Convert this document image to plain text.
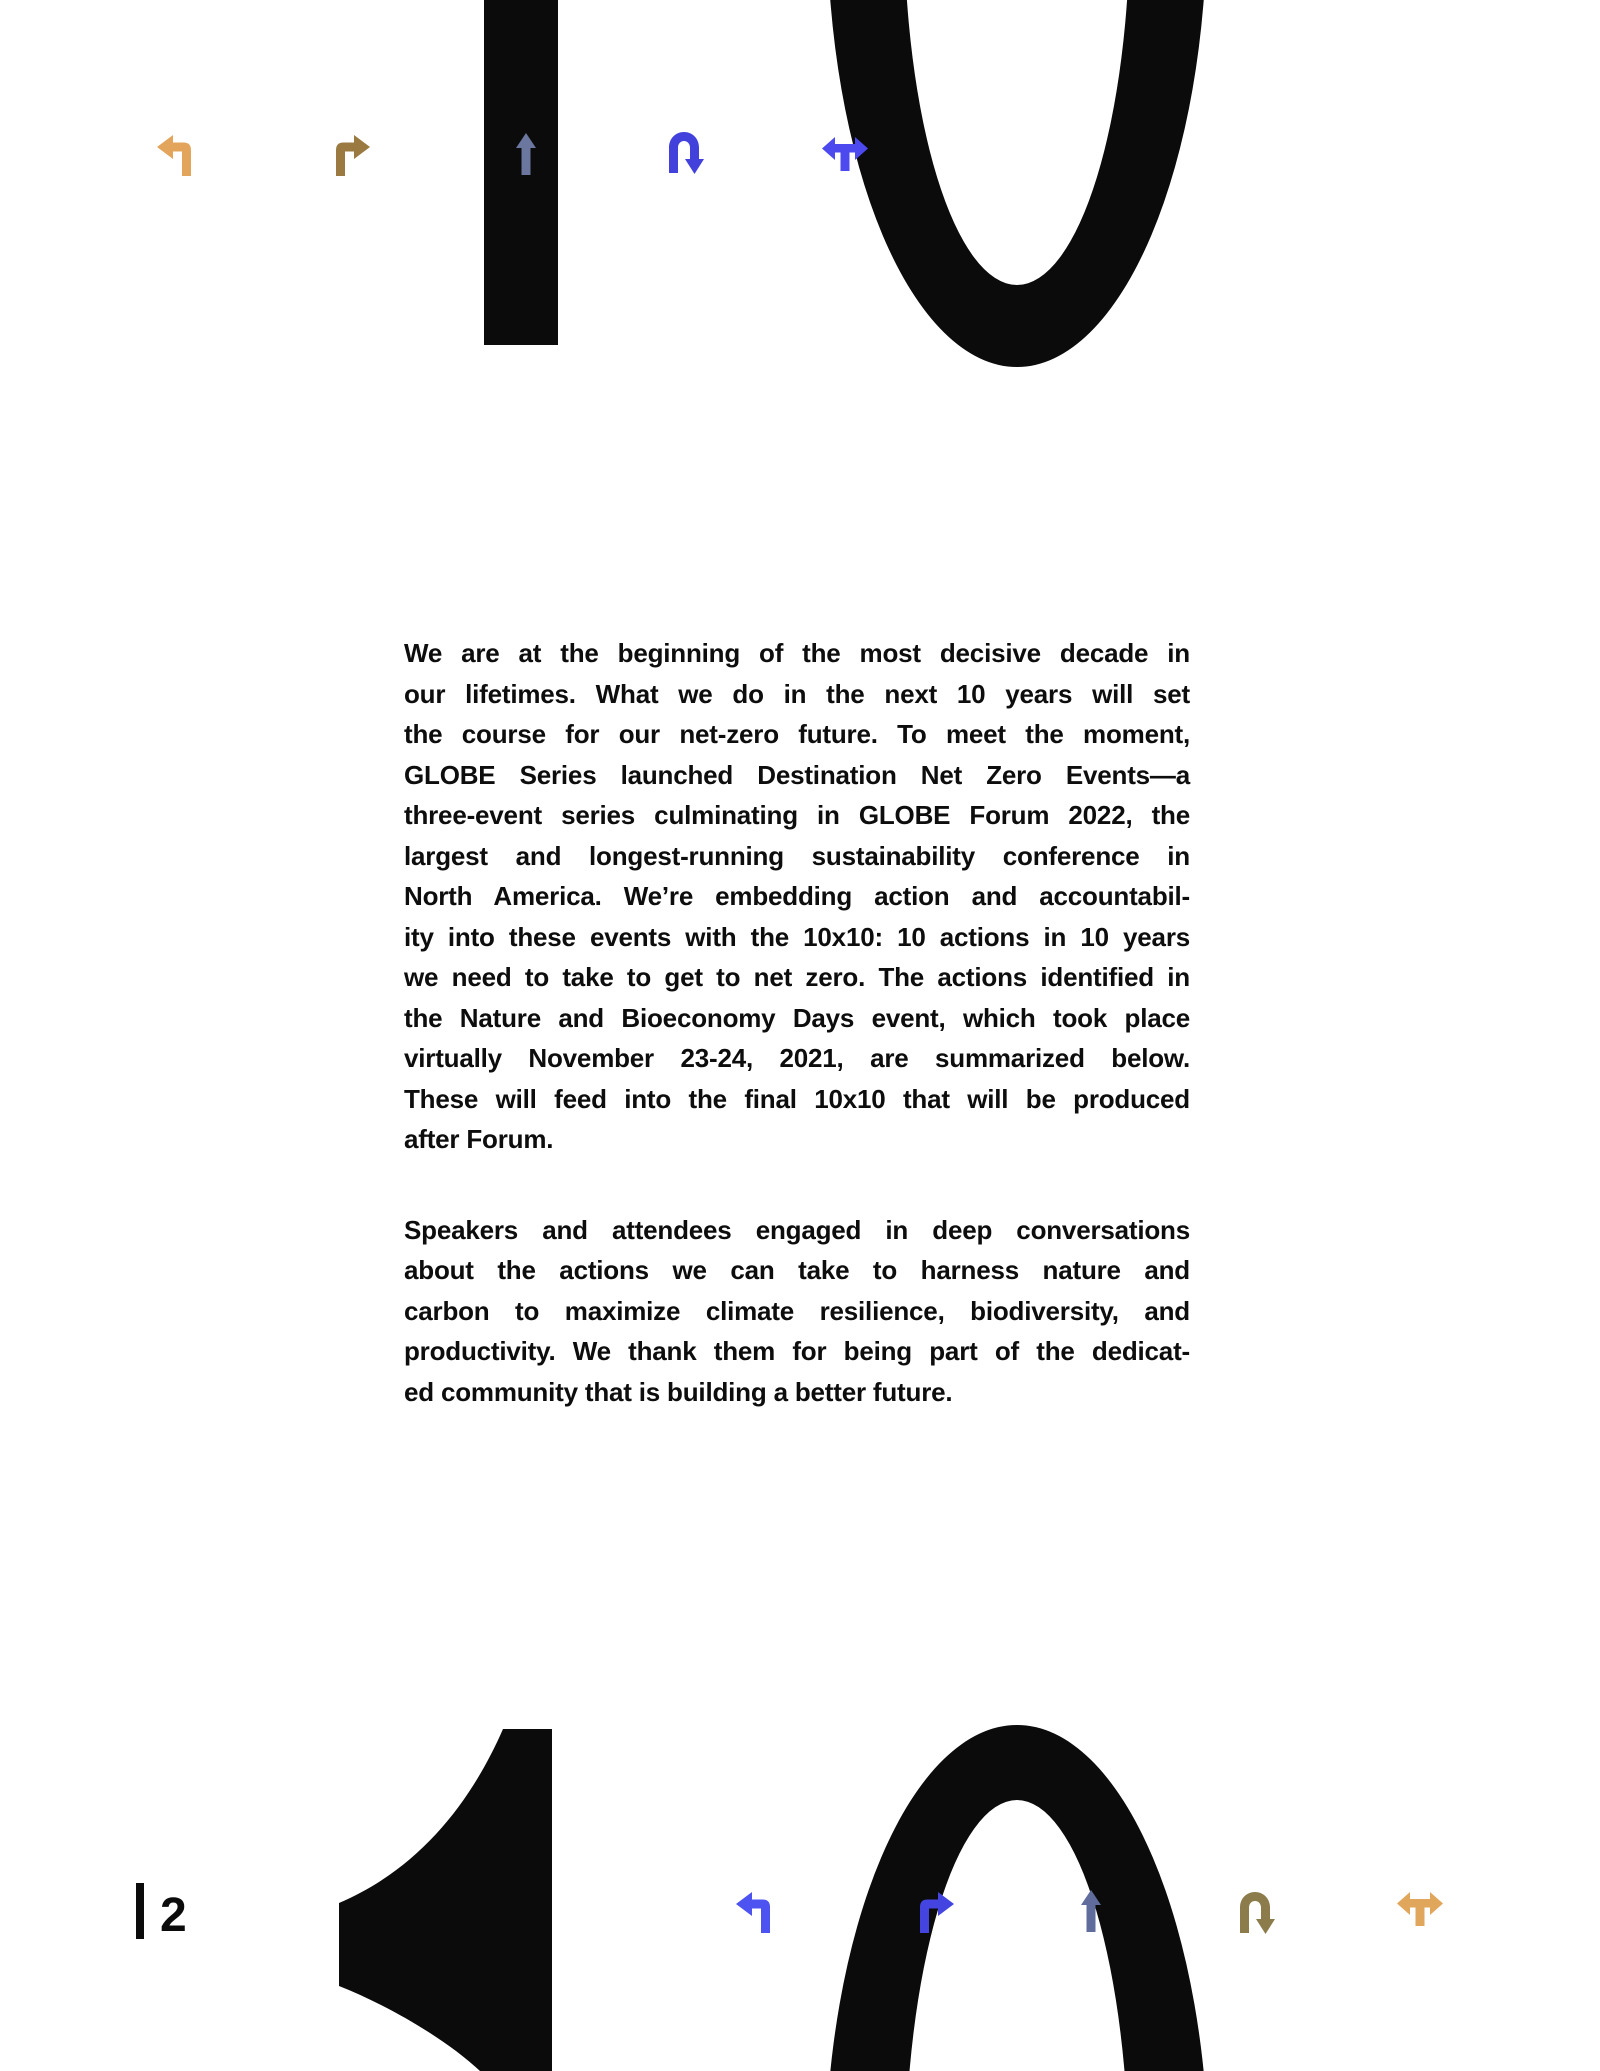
We are at the beginning of the most decisive decade in
our lifetimes. What we do in the next 10 years will set
the course for our net-zero future. To meet the moment,
GLOBE Series launched Destination Net Zero Events—a
three-event series culminating in GLOBE Forum 2022, the
largest and longest-running sustainability conference in
North America. We’re embedding action and accountabil-
ity into these events with the 10x10: 10 actions in 10 years
we need to take to get to net zero. The actions identified in
the Nature and Bioeconomy Days event, which took place
virtually November 23-24, 2021, are summarized below.
These will feed into the final 10x10 that will be produced
after Forum.
Speakers and attendees engaged in deep conversations
about the actions we can take to harness nature and
carbon to maximize climate resilience, biodiversity, and
productivity. We thank them for being part of the dedicat-
ed community that is building a better future.
2
